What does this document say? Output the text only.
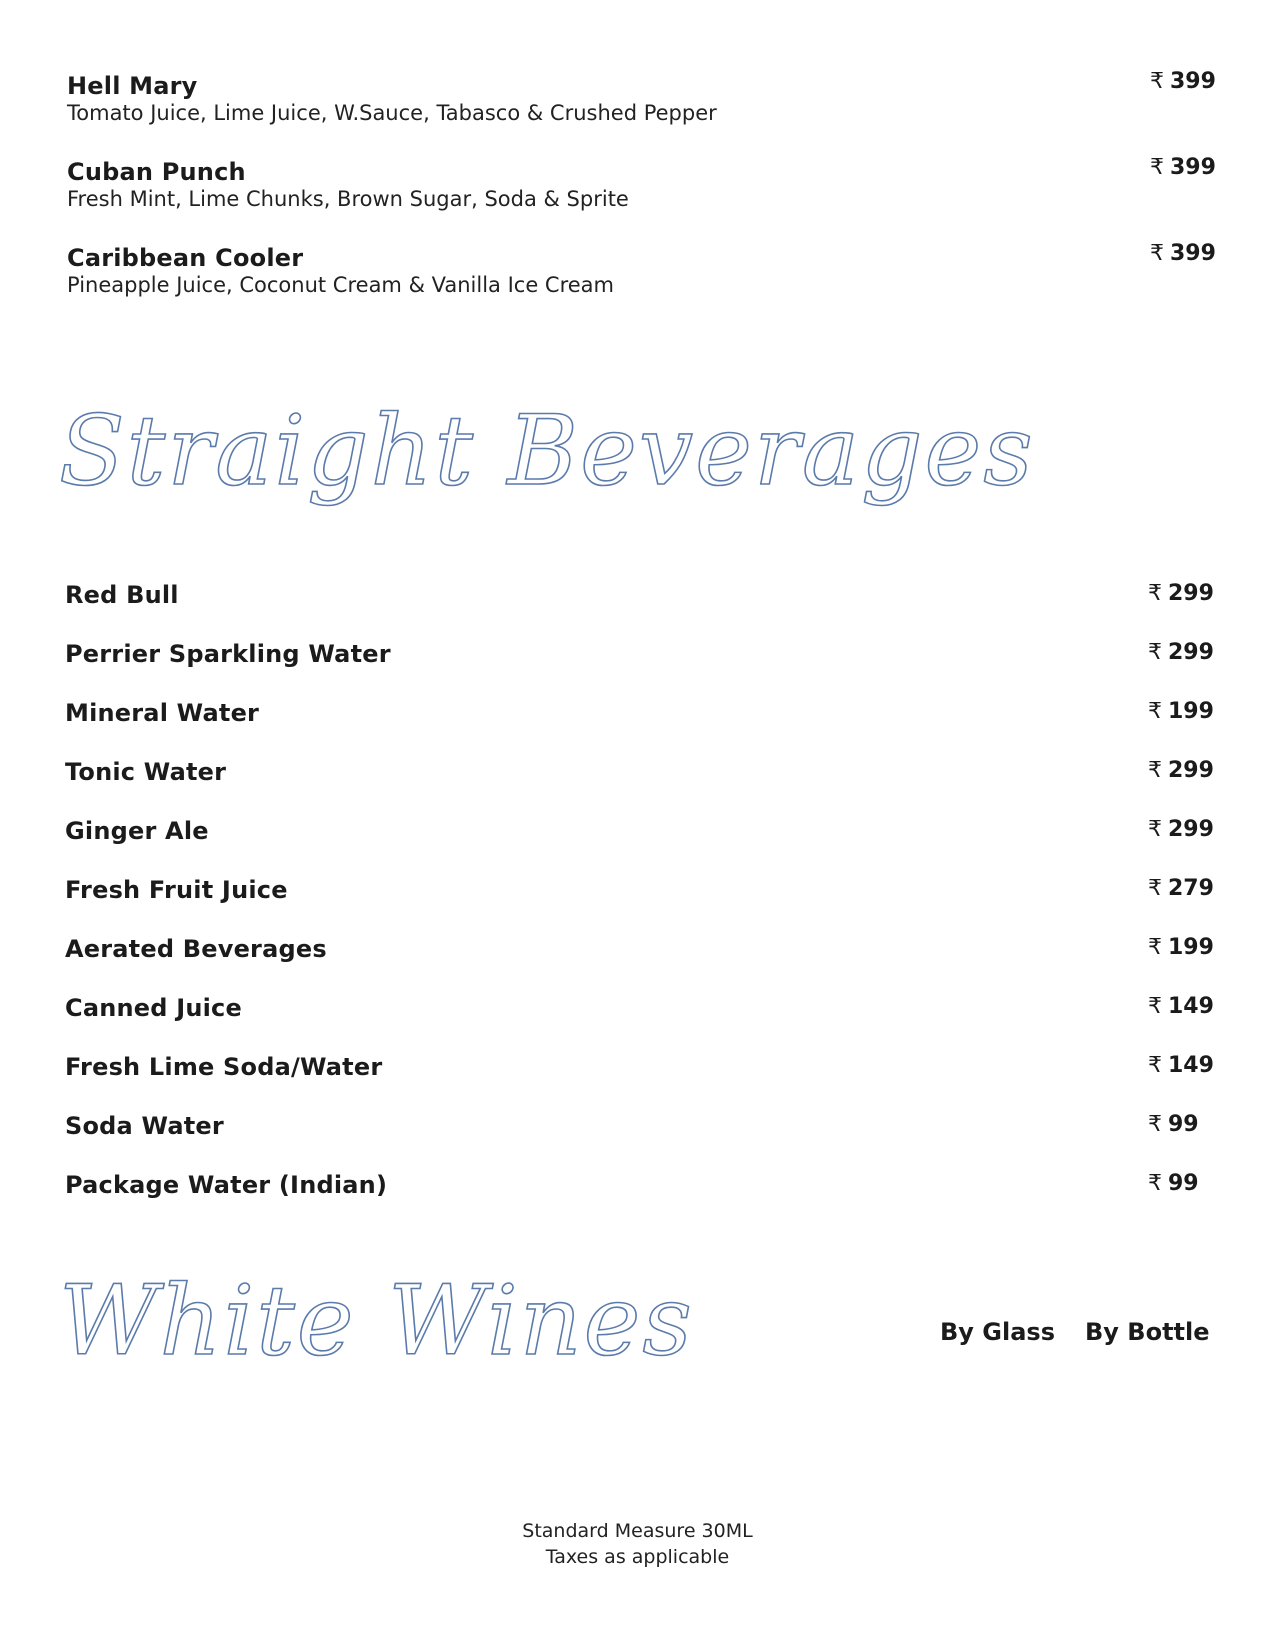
Hell Mary
Tomato Juice, Lime Juice, W.Sauce, Tabasco & Crushed Pepper
₹ 399
Cuban Punch
Fresh Mint, Lime Chunks, Brown Sugar, Soda & Sprite
₹ 399
Caribbean Cooler
Pineapple Juice, Coconut Cream & Vanilla Ice Cream
₹ 399
Straight Beverages
Red Bull	₹ 299
Perrier Sparkling Water	₹ 299
Mineral Water	₹ 199
Tonic Water	₹ 299
Ginger Ale	₹ 299
Fresh Fruit Juice	₹ 279
Aerated Beverages	₹ 199
Canned Juice	₹ 149
Fresh Lime Soda/Water	₹ 149
Soda Water	₹ 99
Package Water (Indian)	₹ 99
White Wines	By Glass By Bottle
Standard Measure 30ML
Taxes as applicable
